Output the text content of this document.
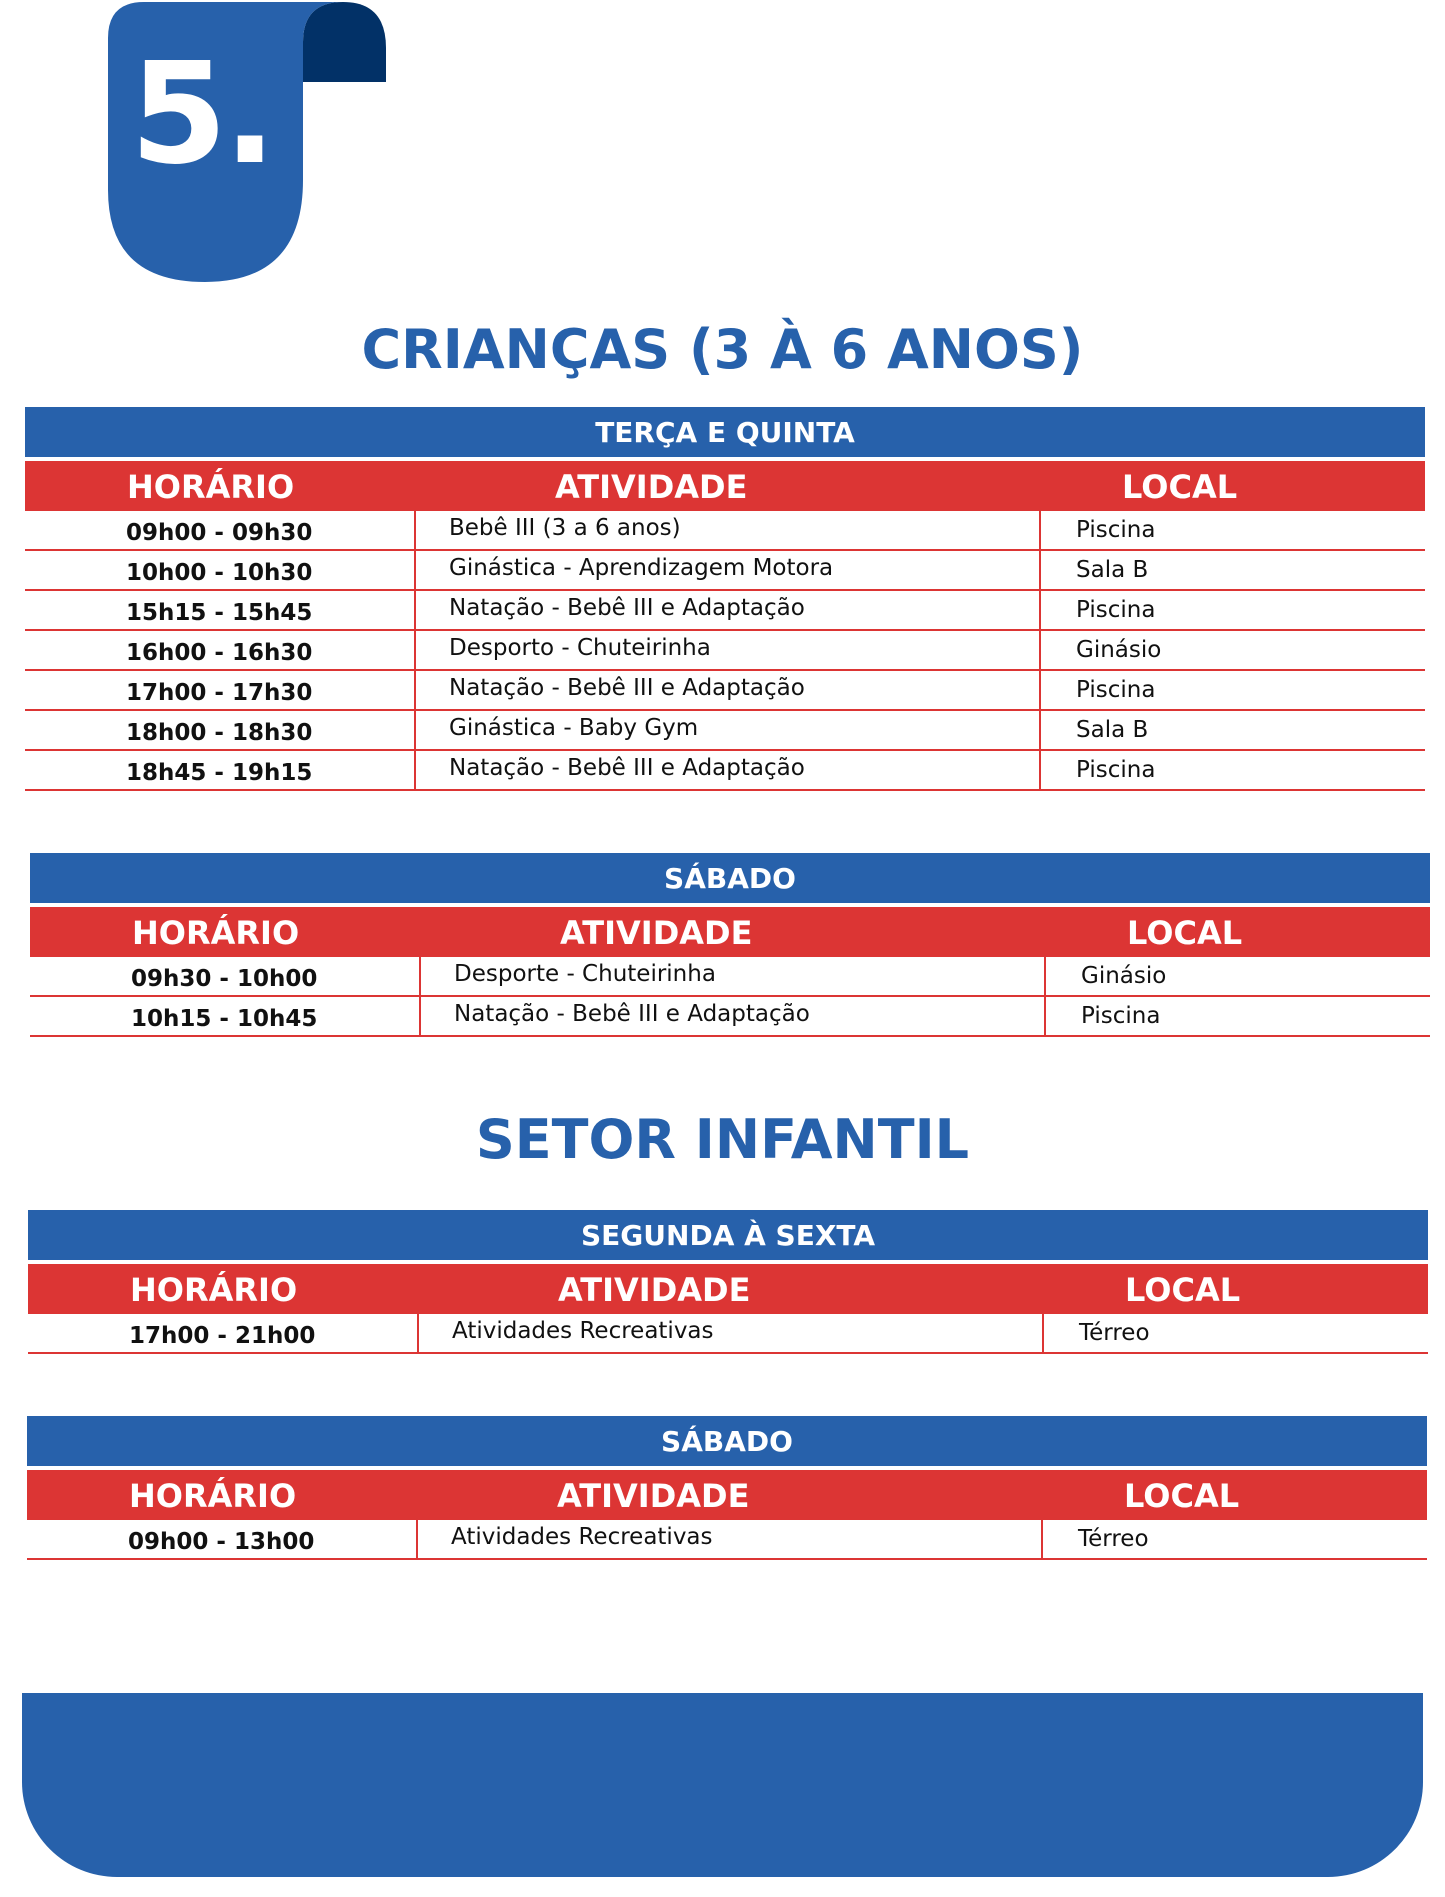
5.
CRIANÇAS (3 À 6 ANOS)
TERÇA E QUINTA
HORÁRIO	ATIVIDADE	LOCAL
09h00 - 09h30	Bebê III (3 a 6 anos)	Piscina
10h00 - 10h30	Ginástica - Aprendizagem Motora	Sala B
15h15 - 15h45	Natação - Bebê III e Adaptação	Piscina
16h00 - 16h30	Desporto - Chuteirinha	Ginásio
17h00 - 17h30	Natação - Bebê III e Adaptação	Piscina
18h00 - 18h30	Ginástica - Baby Gym	Sala B
18h45 - 19h15	Natação - Bebê III e Adaptação	Piscina
SÁBADO
HORÁRIO	ATIVIDADE	LOCAL
09h30 - 10h00	Desporte - Chuteirinha	Ginásio
10h15 - 10h45	Natação - Bebê III e Adaptação	Piscina
SETOR INFANTIL
SEGUNDA À SEXTA
HORÁRIO	ATIVIDADE	LOCAL
17h00 - 21h00	Atividades Recreativas	Térreo
SÁBADO
HORÁRIO	ATIVIDADE	LOCAL
09h00 - 13h00	Atividades Recreativas	Térreo
